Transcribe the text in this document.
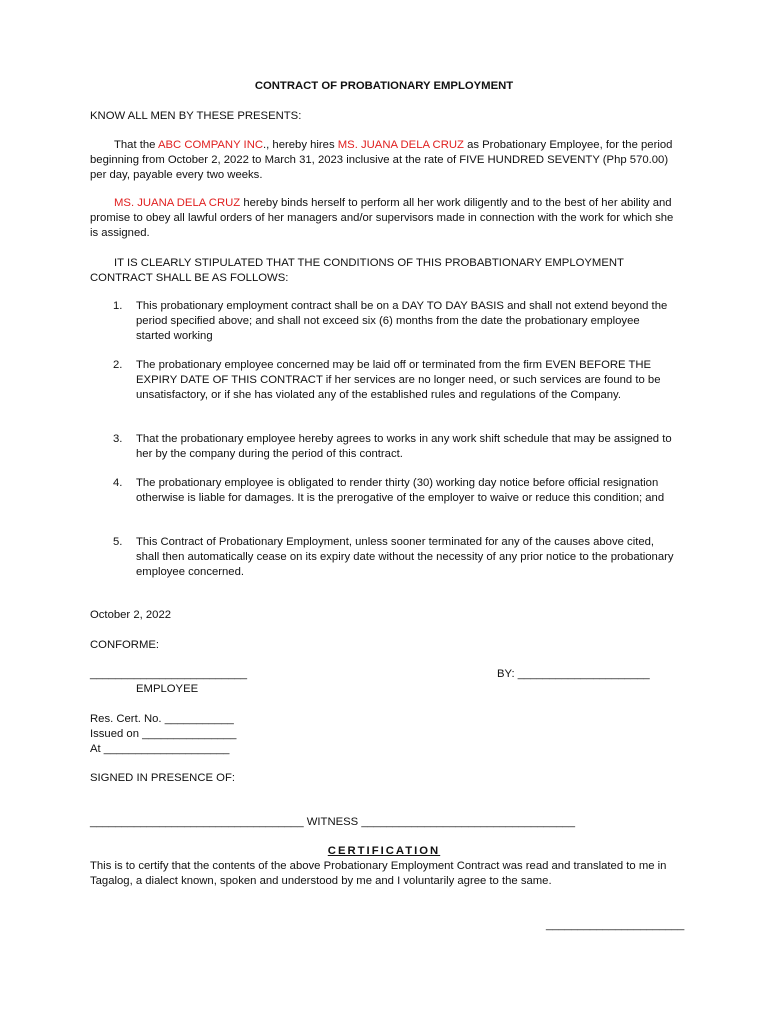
CONTRACT OF PROBATIONARY EMPLOYMENT
KNOW ALL MEN BY THESE PRESENTS:
That the ABC COMPANY INC., hereby hires MS. JUANA DELA CRUZ as Probationary Employee, for the period beginning from October 2, 2022 to March 31, 2023 inclusive at the rate of FIVE HUNDRED SEVENTY (Php 570.00) per day, payable every two weeks.
MS. JUANA DELA CRUZ hereby binds herself to perform all her work diligently and to the best of her ability and promise to obey all lawful orders of her managers and/or supervisors made in connection with the work for which she is assigned.
IT IS CLEARLY STIPULATED THAT THE CONDITIONS OF THIS PROBABTIONARY EMPLOYMENT CONTRACT SHALL BE AS FOLLOWS:
1.	This probationary employment contract shall be on a DAY TO DAY BASIS and shall not extend beyond the period specified above; and shall not exceed six (6) months from the date the probationary employee started working
2.	The probationary employee concerned may be laid off or terminated from the firm EVEN BEFORE THE EXPIRY DATE OF THIS CONTRACT if her services are no longer need, or such services are found to be unsatisfactory, or if she has violated any of the established rules and regulations of the Company.
3.	That the probationary employee hereby agrees to works in any work shift schedule that may be assigned to her by the company during the period of this contract.
4.	The probationary employee is obligated to render thirty (30) working day notice before official resignation otherwise is liable for damages. It is the prerogative of the employer to waive or reduce this condition; and
5.	This Contract of Probationary Employment, unless sooner terminated for any of the causes above cited, shall then automatically cease on its expiry date without the necessity of any prior notice to the probationary employee concerned.
October 2, 2022
CONFORME:
_________________________
EMPLOYEE
BY: _____________________
Res. Cert. No. ___________
Issued on _______________
At ____________________
SIGNED IN PRESENCE OF:
__________________________________ WITNESS __________________________________
CERTIFICATION
This is to certify that the contents of the above Probationary Employment Contract was read and translated to me in Tagalog, a dialect known, spoken and understood by me and I voluntarily agree to the same.
______________________
